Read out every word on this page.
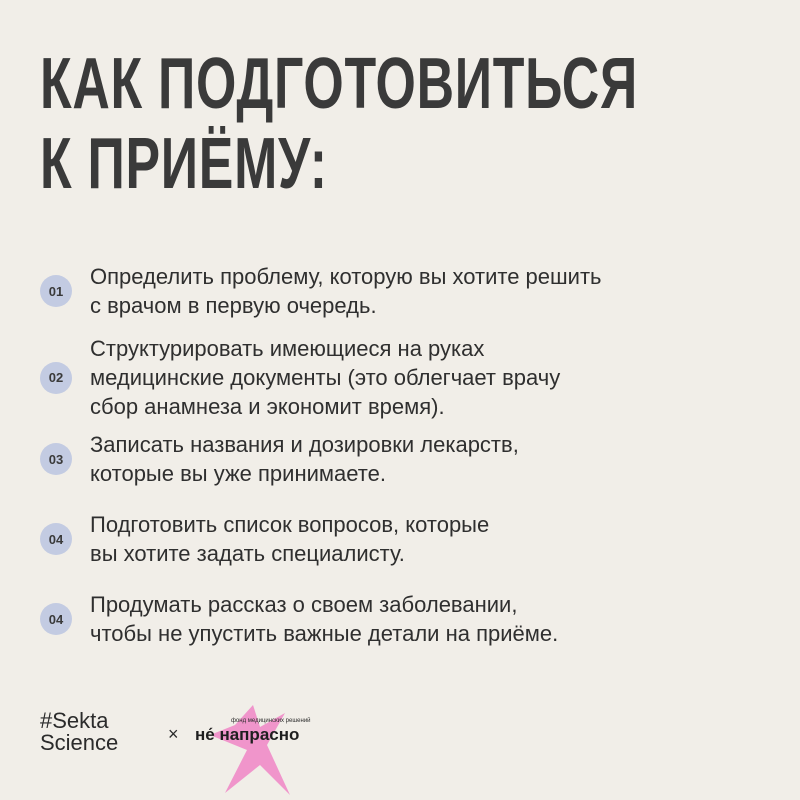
КАК ПОДГОТОВИТЬСЯ
К ПРИЁМУ:
01
Определить проблему, которую вы хотите решить
с врачом в первую очередь.
02
Структурировать имеющиеся на руках
медицинские документы (это облегчает врачу
сбор анамнеза и экономит время).
03
Записать названия и дозировки лекарств,
которые вы уже принимаете.
04
Подготовить список вопросов, которые
вы хотите задать специалисту.
04
Продумать рассказ о своем заболевании,
чтобы не упустить важные детали на приёме.
#Sekta
Science	×
фонд медицинских решений
не́ напрасно
